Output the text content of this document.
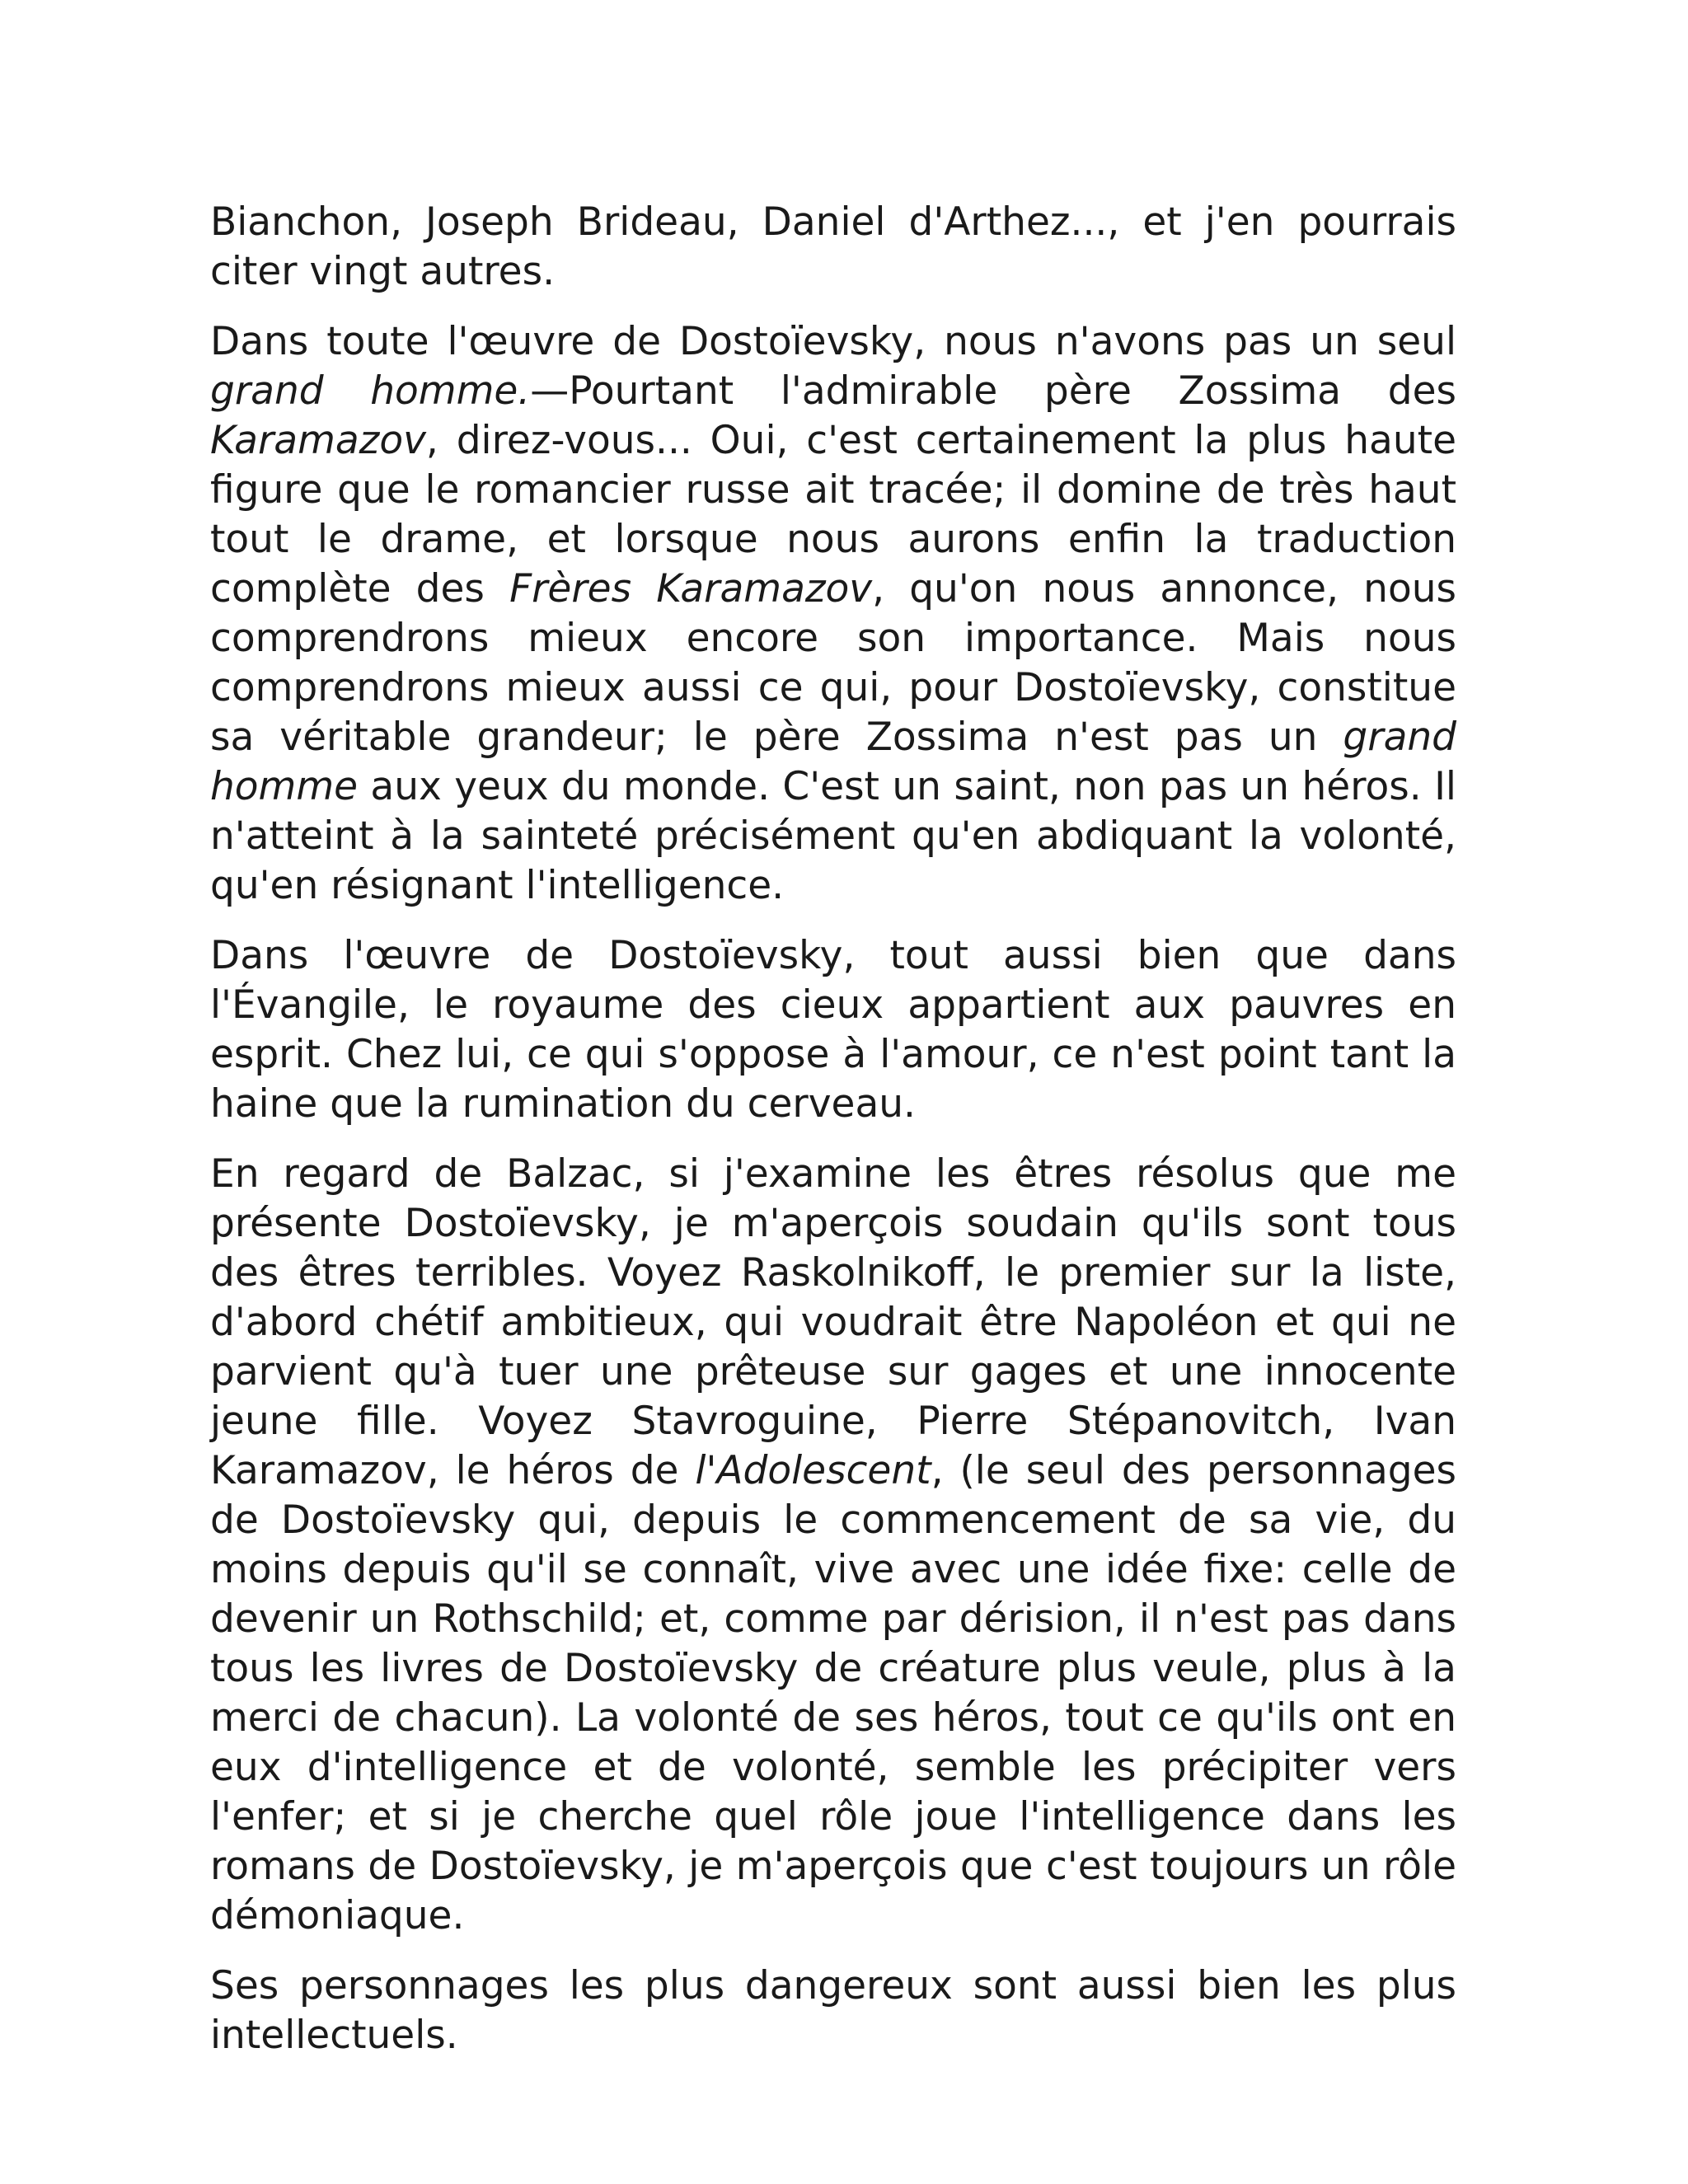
Bianchon, Joseph Brideau, Daniel d'Arthez..., et j'en pourrais citer vingt autres.

Dans toute l'œuvre de Dostoïevsky, nous n'avons pas un seul grand homme.—Pourtant l'admirable père Zossima des Karamazov, direz-vous... Oui, c'est certainement la plus haute figure que le romancier russe ait tracée; il domine de très haut tout le drame, et lorsque nous aurons enfin la traduction complète des Frères Karamazov, qu'on nous annonce, nous comprendrons mieux encore son importance. Mais nous comprendrons mieux aussi ce qui, pour Dostoïevsky, constitue sa véritable grandeur; le père Zossima n'est pas un grand homme aux yeux du monde. C'est un saint, non pas un héros. Il n'atteint à la sainteté précisément qu'en abdiquant la volonté, qu'en résignant l'intelligence.

Dans l'œuvre de Dostoïevsky, tout aussi bien que dans l'Évangile, le royaume des cieux appartient aux pauvres en esprit. Chez lui, ce qui s'oppose à l'amour, ce n'est point tant la haine que la rumination du cerveau.

En regard de Balzac, si j'examine les êtres résolus que me présente Dostoïevsky, je m'aperçois soudain qu'ils sont tous des êtres terribles. Voyez Raskolnikoff, le premier sur la liste, d'abord chétif ambitieux, qui voudrait être Napoléon et qui ne parvient qu'à tuer une prêteuse sur gages et une innocente jeune fille. Voyez Stavroguine, Pierre Stépanovitch, Ivan Karamazov, le héros de l'Adolescent, (le seul des personnages de Dostoïevsky qui, depuis le commencement de sa vie, du moins depuis qu'il se connaît, vive avec une idée fixe: celle de devenir un Rothschild; et, comme par dérision, il n'est pas dans tous les livres de Dostoïevsky de créature plus veule, plus à la merci de chacun). La volonté de ses héros, tout ce qu'ils ont en eux d'intelligence et de volonté, semble les précipiter vers l'enfer; et si je cherche quel rôle joue l'intelligence dans les romans de Dostoïevsky, je m'aperçois que c'est toujours un rôle démoniaque.

Ses personnages les plus dangereux sont aussi bien les plus intellectuels.
